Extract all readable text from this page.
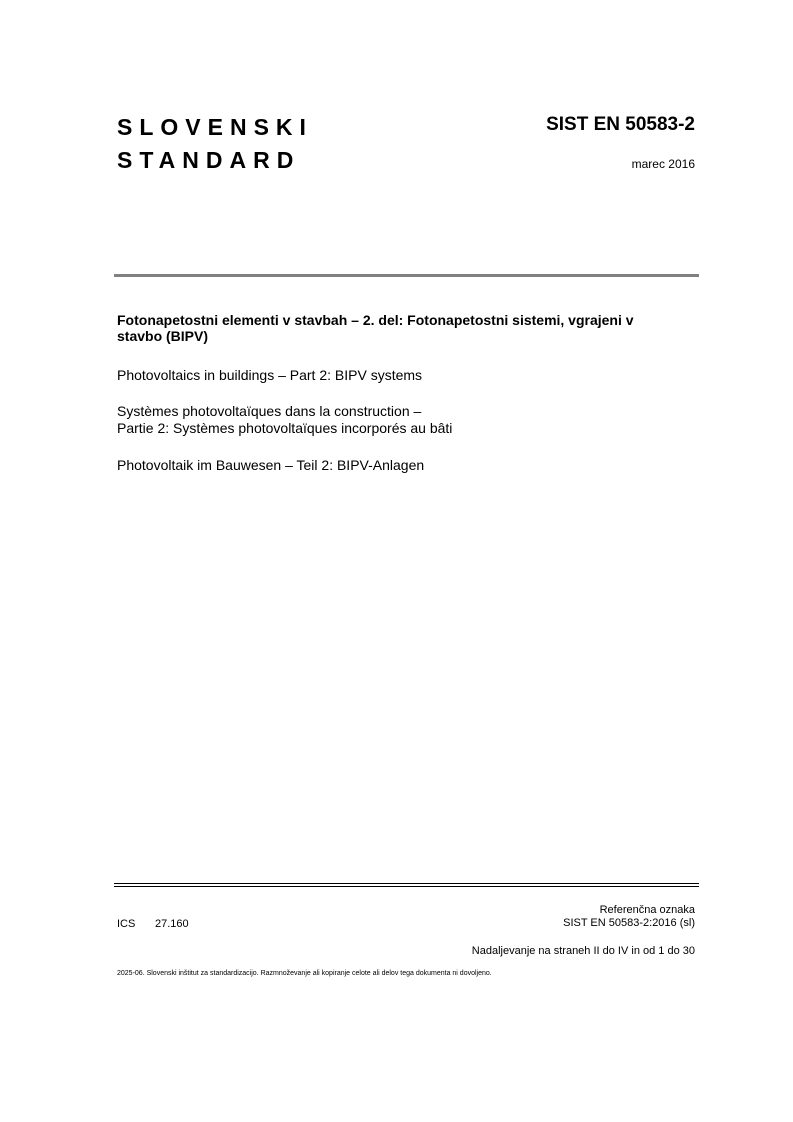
SLOVENSKI
STANDARD
SIST EN 50583-2
marec 2016
Fotonapetostni elementi v stavbah – 2. del: Fotonapetostni sistemi, vgrajeni v stavbo (BIPV)
Photovoltaics in buildings – Part 2: BIPV systems
Systèmes photovoltaïques dans la construction –
Partie 2: Systèmes photovoltaïques incorporés au bâti
Photovoltaik im Bauwesen – Teil 2: BIPV-Anlagen
Referenčna oznaka
SIST EN 50583-2:2016 (sl)
ICS 27.160
Nadaljevanje na straneh II do IV in od 1 do 30
2025-06. Slovenski inštitut za standardizacijo. Razmnoževanje ali kopiranje celote ali delov tega dokumenta ni dovoljeno.
